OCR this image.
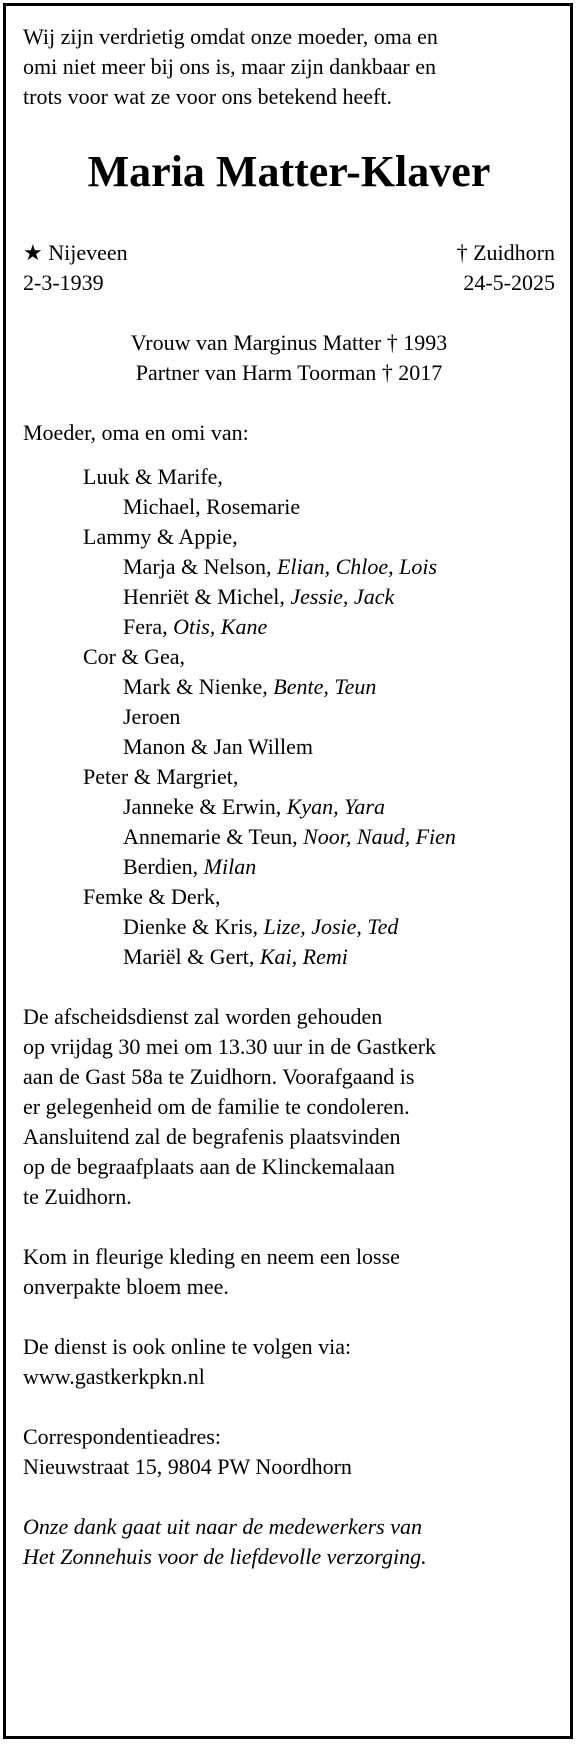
Wij zijn verdrietig omdat onze moeder, oma en
omi niet meer bij ons is, maar zijn dankbaar en
trots voor wat ze voor ons betekend heeft.
Maria Matter-Klaver
★ Nijeveen
2-3-1939
† Zuidhorn
24-5-2025
Vrouw van Marginus Matter † 1993
Partner van Harm Toorman † 2017
Moeder, oma en omi van:
Luuk & Marife,
Michael, Rosemarie
Lammy & Appie,
Marja & Nelson, Elian, Chloe, Lois
Henriët & Michel, Jessie, Jack
Fera, Otis, Kane
Cor & Gea,
Mark & Nienke, Bente, Teun
Jeroen
Manon & Jan Willem
Peter & Margriet,
Janneke & Erwin, Kyan, Yara
Annemarie & Teun, Noor, Naud, Fien
Berdien, Milan
Femke & Derk,
Dienke & Kris, Lize, Josie, Ted
Mariël & Gert, Kai, Remi
De afscheidsdienst zal worden gehouden
op vrijdag 30 mei om 13.30 uur in de Gastkerk
aan de Gast 58a te Zuidhorn. Voorafgaand is
er gelegenheid om de familie te condoleren.
Aansluitend zal de begrafenis plaatsvinden
op de begraafplaats aan de Klinckemalaan
te Zuidhorn.
Kom in fleurige kleding en neem een losse
onverpakte bloem mee.
De dienst is ook online te volgen via:
www.gastkerkpkn.nl
Correspondentieadres:
Nieuwstraat 15, 9804 PW Noordhorn
Onze dank gaat uit naar de medewerkers van
Het Zonnehuis voor de liefdevolle verzorging.
